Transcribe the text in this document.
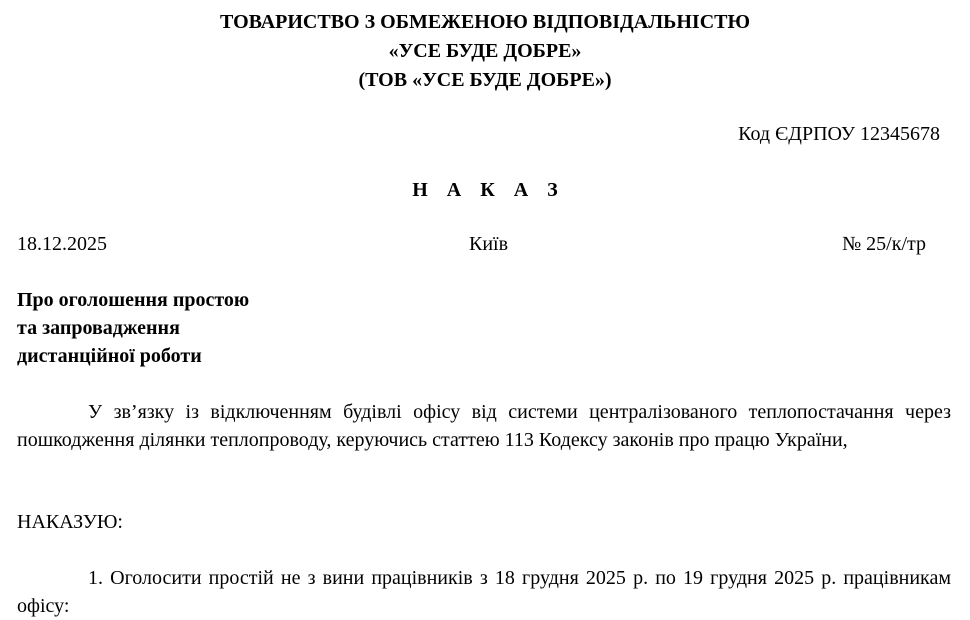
ТОВАРИСТВО З ОБМЕЖЕНОЮ ВІДПОВІДАЛЬНІСТЮ
«УСЕ БУДЕ ДОБРЕ»
(ТОВ «УСЕ БУДЕ ДОБРЕ»)
Код ЄДРПОУ 12345678
Н А К А З
18.12.2025	Київ	№ 25/к/тр
Про оголошення простою
та запровадження
дистанційної роботи

У зв’язку із відключенням будівлі офісу від системи централізованого теплопостачання через пошкодження ділянки теплопроводу, керуючись статтею 113 Кодексу законів про працю України,

НАКАЗУЮ:

1. Оголосити простій не з вини працівників з 18 грудня 2025 р. по 19 грудня 2025 р. працівникам офісу:
